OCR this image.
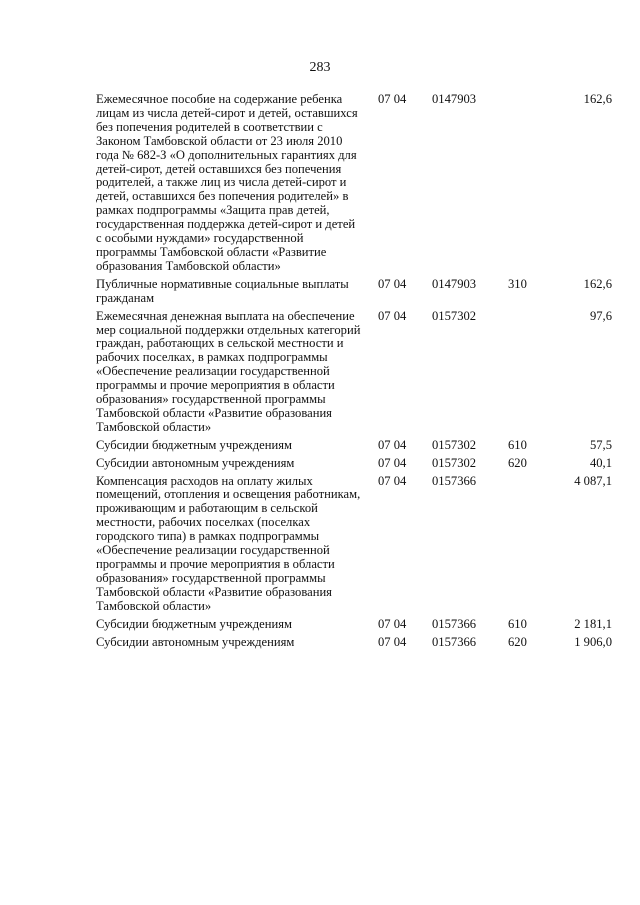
283
Ежемесячное пособие на содержание ребенка лицам из числа детей-сирот и детей, оставшихся без попечения родителей в соответствии с Законом Тамбовской области от 23 июля 2010 года № 682-З «О дополнительных гарантиях для детей-сирот, детей оставшихся без попечения родителей, а также лиц из числа детей-сирот и детей, оставшихся без попечения родителей» в рамках подпрограммы «Защита прав детей, государственная поддержка детей-сирот и детей с особыми нуждами» государственной программы Тамбовской области «Развитие образования Тамбовской области»	07 04	0147903		162,6

Публичные нормативные социальные выплаты гражданам	07 04	0147903	310	162,6

Ежемесячная денежная выплата на обеспечение мер социальной поддержки отдельных категорий граждан, работающих в сельской местности и рабочих поселках, в рамках подпрограммы «Обеспечение реализации государственной программы и прочие мероприятия в области образования» государственной программы Тамбовской области «Развитие образования Тамбовской области»	07 04	0157302		97,6

Субсидии бюджетным учреждениям	07 04	0157302	610	57,5

Субсидии автономным учреждениям	07 04	0157302	620	40,1

Компенсация расходов на оплату жилых помещений, отопления и освещения работникам, проживающим и работающим в сельской местности, рабочих поселках (поселках городского типа) в рамках подпрограммы «Обеспечение реализации государственной программы и прочие мероприятия в области образования» государственной программы Тамбовской области «Развитие образования Тамбовской области»	07 04	0157366		4 087,1

Субсидии бюджетным учреждениям	07 04	0157366	610	2 181,1

Субсидии автономным учреждениям	07 04	0157366	620	1 906,0
